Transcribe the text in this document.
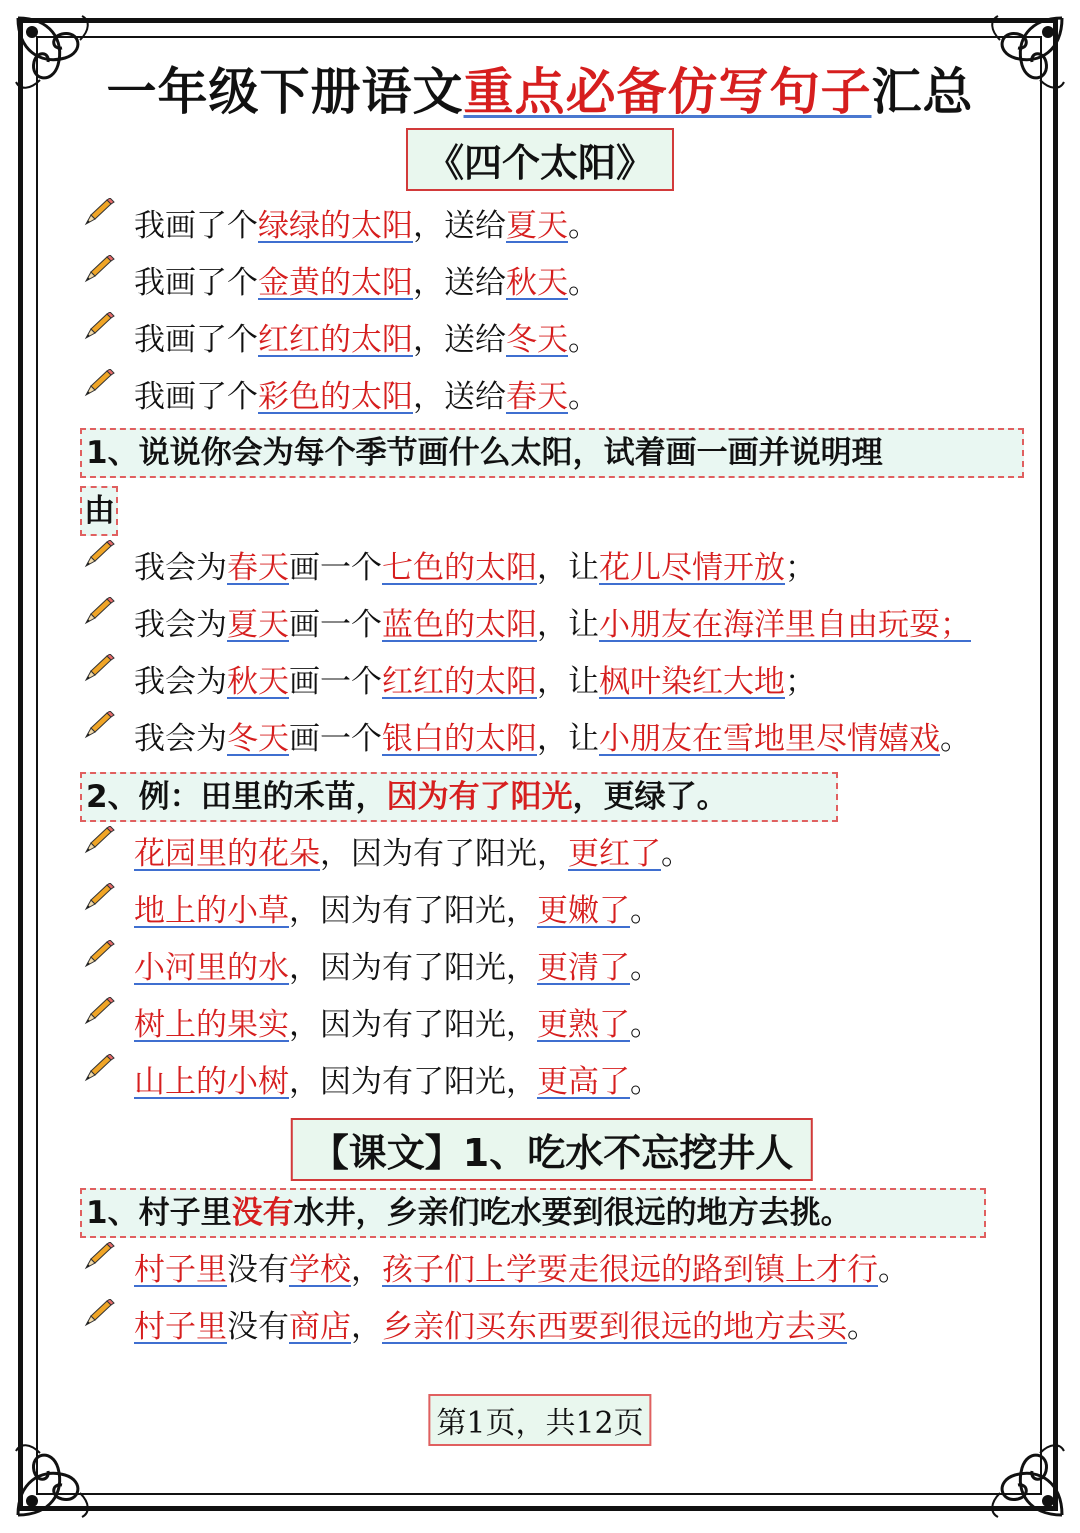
一年级下册语文重点必备仿写句子汇总
《四个太阳》
我画了个绿绿的太阳，送给夏天。
我画了个金黄的太阳，送给秋天。
我画了个红红的太阳，送给冬天。
我画了个彩色的太阳，送给春天。
1、说说你会为每个季节画什么太阳，试着画一画并说明理
由
我会为春天画一个七色的太阳，让花儿尽情开放；
我会为夏天画一个蓝色的太阳，让小朋友在海洋里自由玩耍；
我会为秋天画一个红红的太阳，让枫叶染红大地；
我会为冬天画一个银白的太阳，让小朋友在雪地里尽情嬉戏。
2、例：田里的禾苗，因为有了阳光，更绿了。
花园里的花朵，因为有了阳光，更红了。
地上的小草，因为有了阳光，更嫩了。
小河里的水，因为有了阳光，更清了。
树上的果实，因为有了阳光，更熟了。
山上的小树，因为有了阳光，更高了。
【课文】1、吃水不忘挖井人
1、村子里没有水井，乡亲们吃水要到很远的地方去挑。
村子里没有学校，孩子们上学要走很远的路到镇上才行。
村子里没有商店，乡亲们买东西要到很远的地方去买。
第1页，共12页
